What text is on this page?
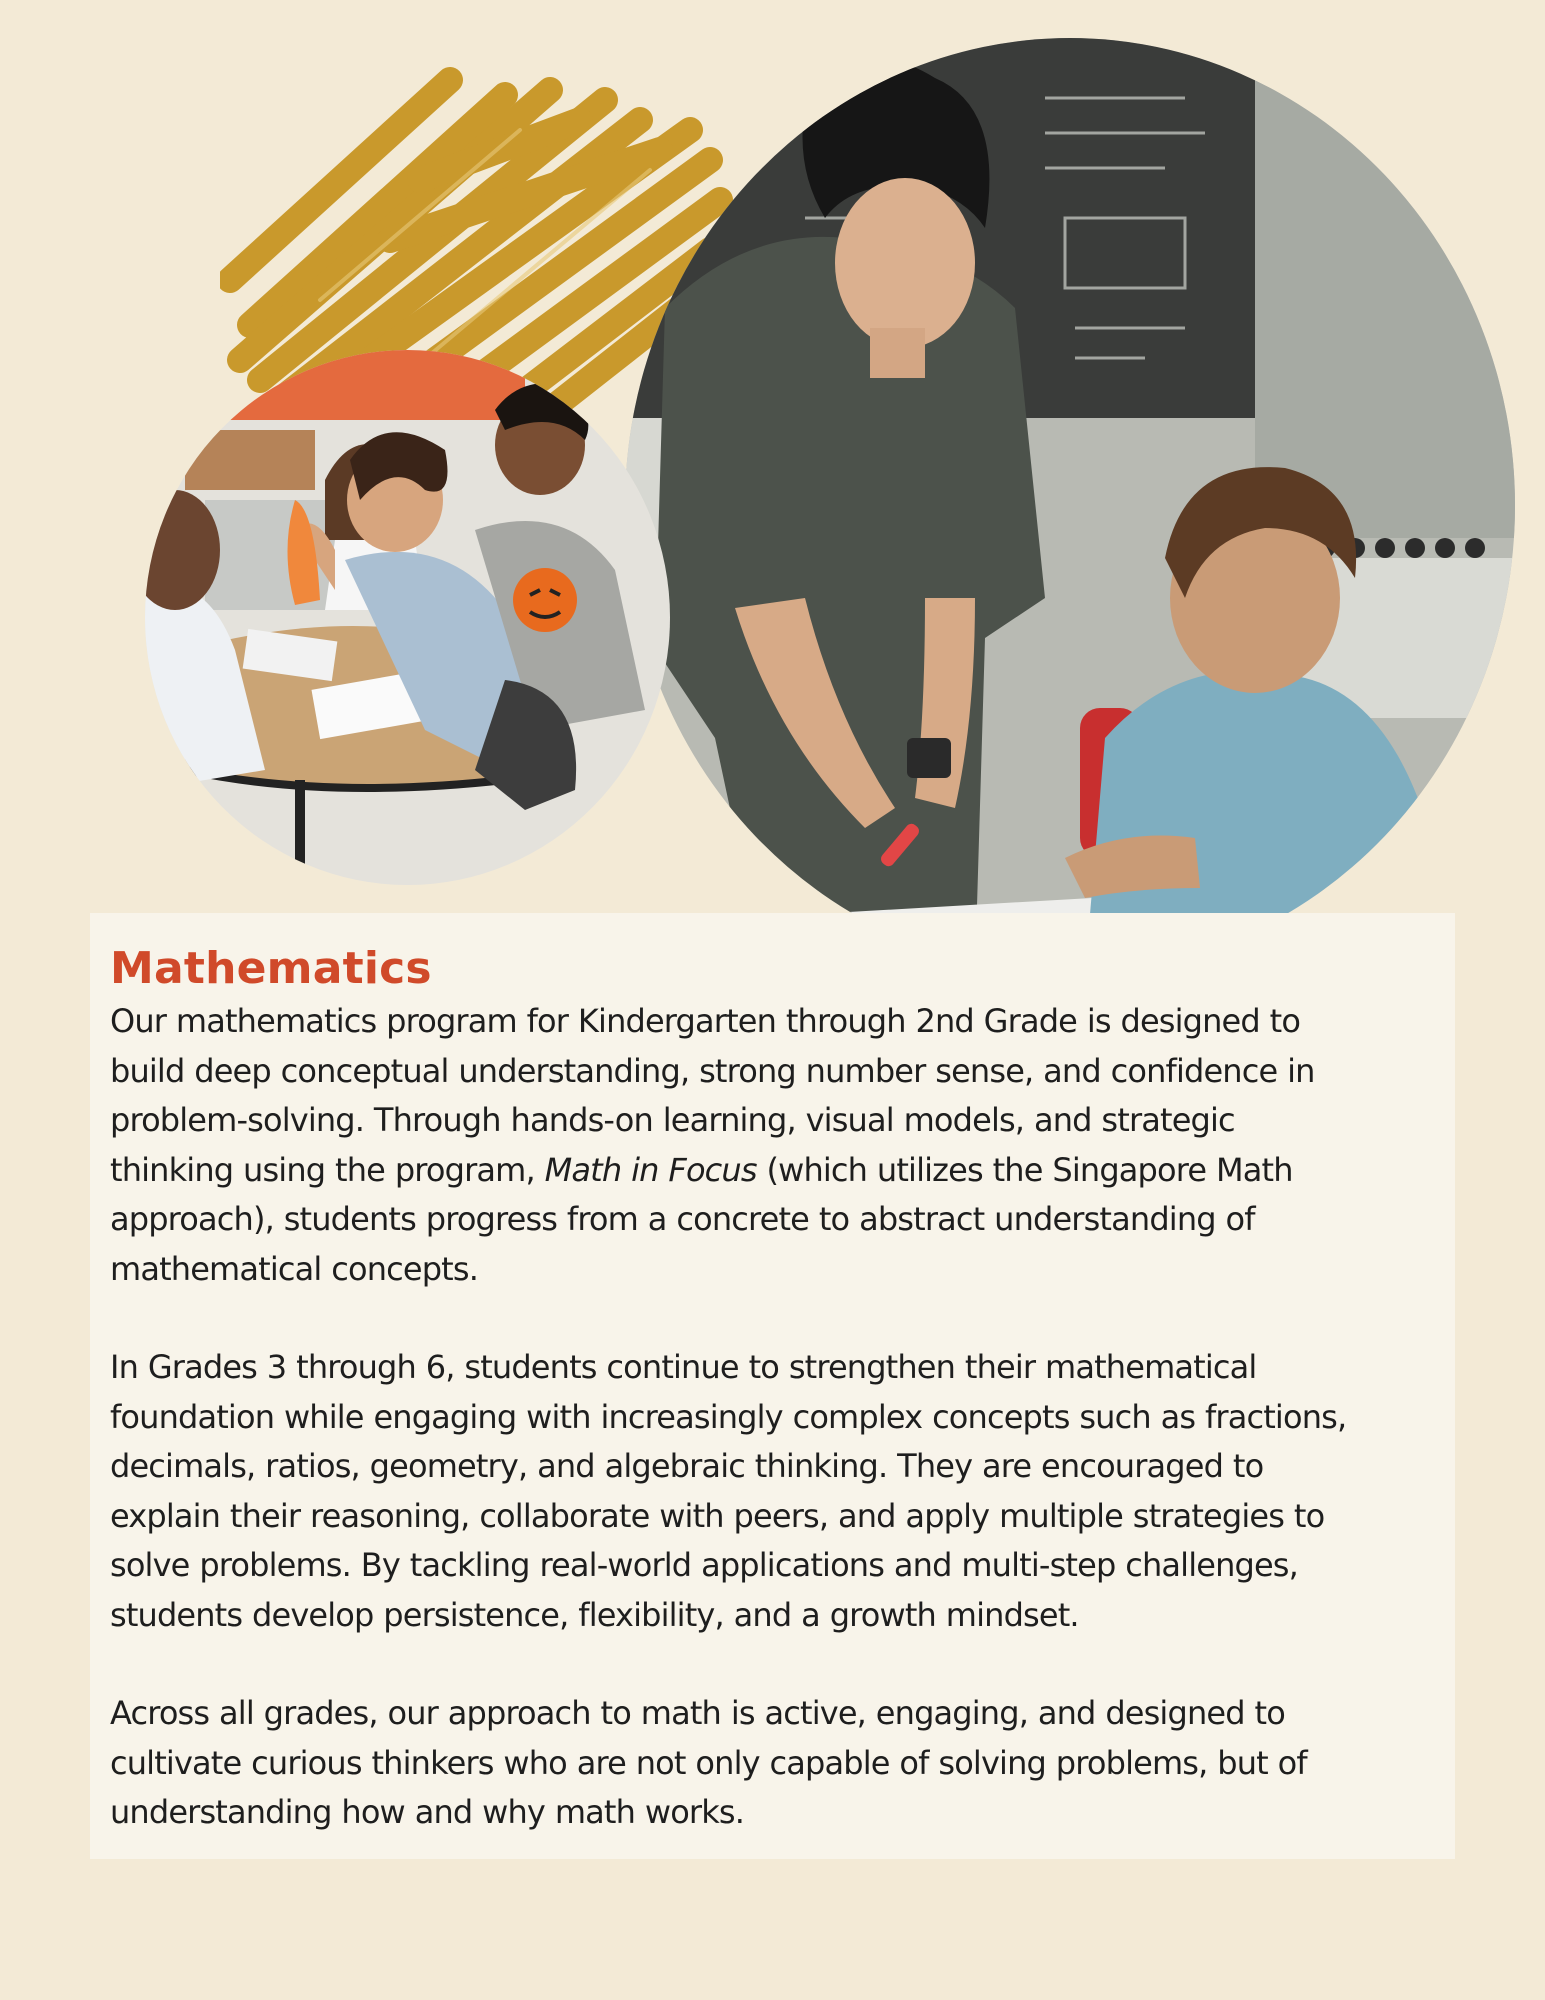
Mathematics

Our mathematics program for Kindergarten through 2nd Grade is designed to
build deep conceptual understanding, strong number sense, and confidence in
problem-solving. Through hands-on learning, visual models, and strategic
thinking using the program, Math in Focus (which utilizes the Singapore Math
approach), students progress from a concrete to abstract understanding of
mathematical concepts.

In Grades 3 through 6, students continue to strengthen their mathematical
foundation while engaging with increasingly complex concepts such as fractions,
decimals, ratios, geometry, and algebraic thinking. They are encouraged to
explain their reasoning, collaborate with peers, and apply multiple strategies to
solve problems. By tackling real-world applications and multi-step challenges,
students develop persistence, flexibility, and a growth mindset.

Across all grades, our approach to math is active, engaging, and designed to
cultivate curious thinkers who are not only capable of solving problems, but of
understanding how and why math works.
